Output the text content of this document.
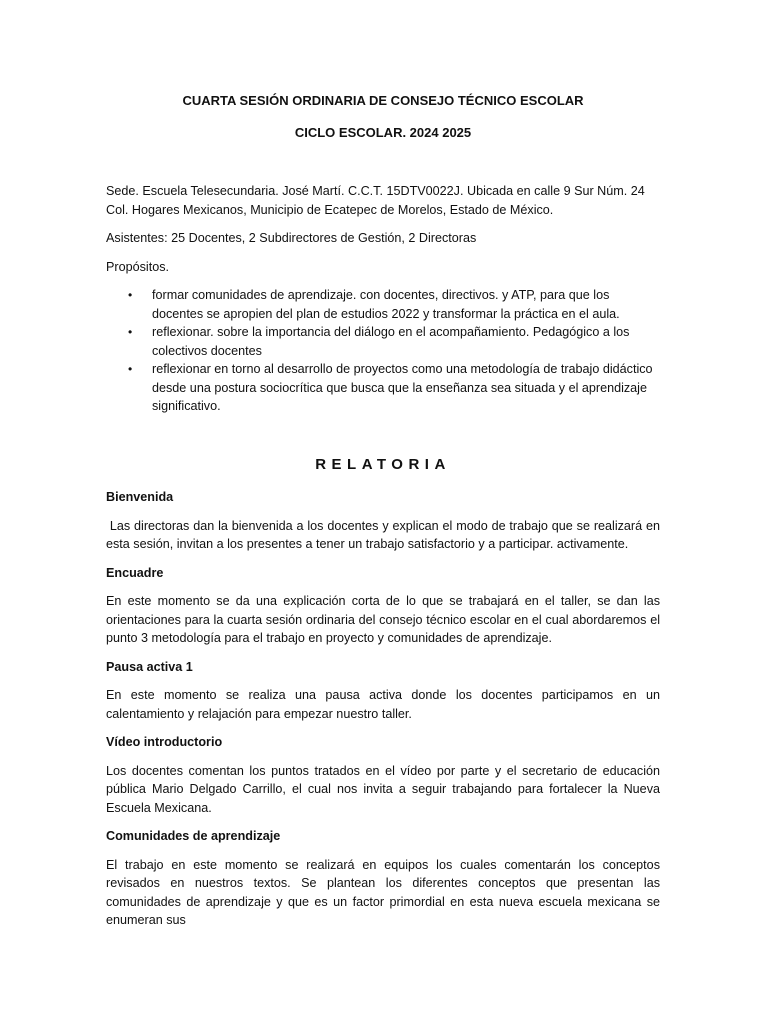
CUARTA SESIÓN ORDINARIA DE CONSEJO TÉCNICO ESCOLAR
CICLO ESCOLAR. 2024 2025

Sede. Escuela Telesecundaria. José Martí. C.C.T. 15DTV0022J. Ubicada en calle 9 Sur Núm. 24 Col. Hogares Mexicanos, Municipio de Ecatepec de Morelos, Estado de México.

Asistentes: 25 Docentes, 2 Subdirectores de Gestión, 2 Directoras

Propósitos.

• formar comunidades de aprendizaje. con docentes, directivos. y ATP, para que los docentes se apropien del plan de estudios 2022 y transformar la práctica en el aula.
• reflexionar. sobre la importancia del diálogo en el acompañamiento. Pedagógico a los colectivos docentes
• reflexionar en torno al desarrollo de proyectos como una metodología de trabajo didáctico desde una postura sociocrítica que busca que la enseñanza sea situada y el aprendizaje significativo.
RELATORIA
Bienvenida

Las directoras dan la bienvenida a los docentes y explican el modo de trabajo que se realizará en esta sesión, invitan a los presentes a tener un trabajo satisfactorio y a participar. activamente.

Encuadre

En este momento se da una explicación corta de lo que se trabajará en el taller, se dan las orientaciones para la cuarta sesión ordinaria del consejo técnico escolar en el cual abordaremos el punto 3 metodología para el trabajo en proyecto y comunidades de aprendizaje.

Pausa activa 1

En este momento se realiza una pausa activa donde los docentes participamos en un calentamiento y relajación para empezar nuestro taller.

Vídeo introductorio

Los docentes comentan los puntos tratados en el vídeo por parte y el secretario de educación pública Mario Delgado Carrillo, el cual nos invita a seguir trabajando para fortalecer la Nueva Escuela Mexicana.

Comunidades de aprendizaje

El trabajo en este momento se realizará en equipos los cuales comentarán los conceptos revisados en nuestros textos. Se plantean los diferentes conceptos que presentan las comunidades de aprendizaje y que es un factor primordial en esta nueva escuela mexicana se enumeran sus
